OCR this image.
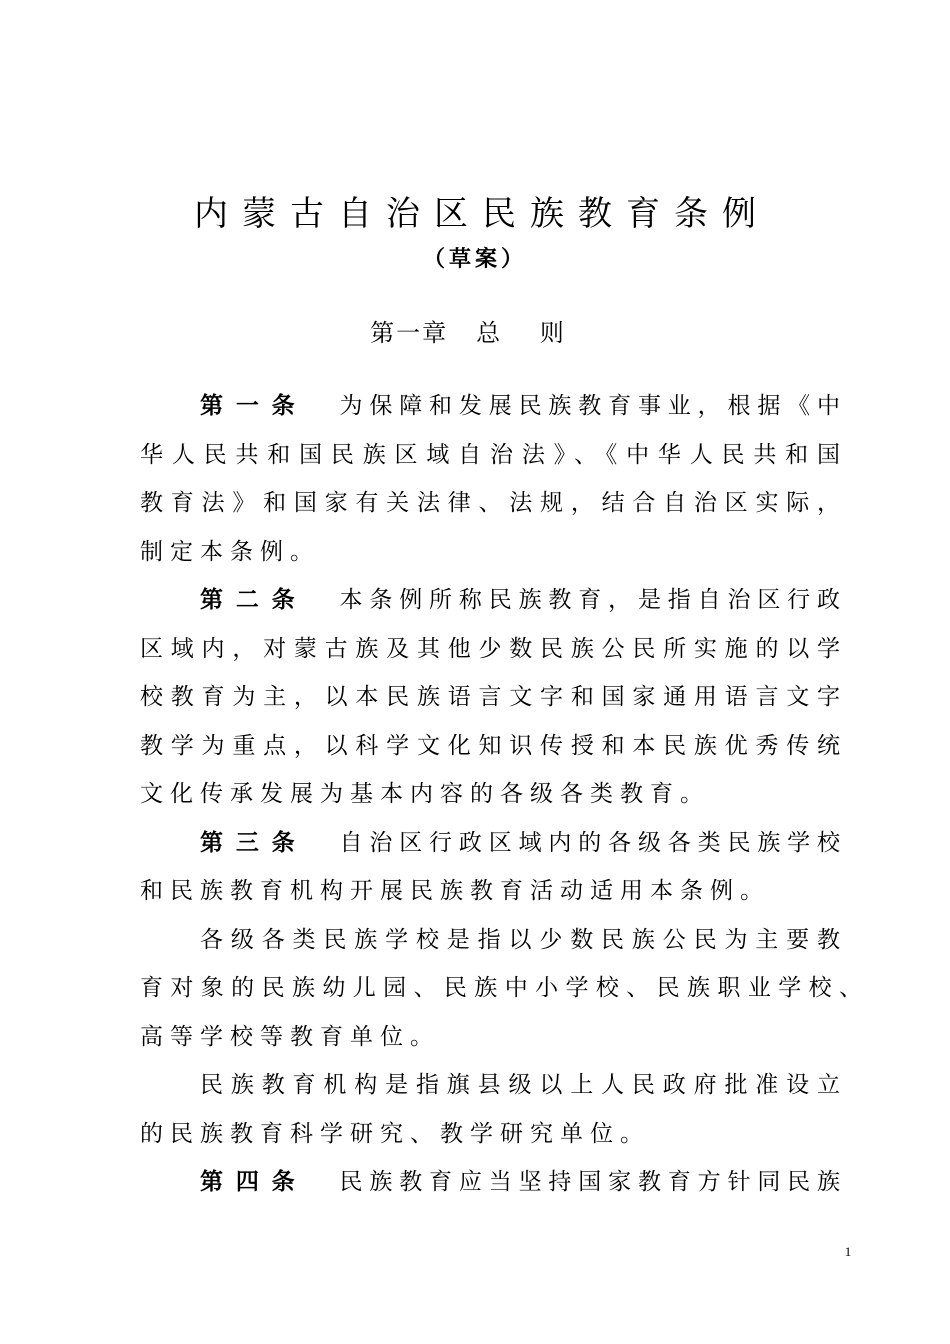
内蒙古自治区民族教育条例
（草案）
第一章 总 则
第一条 为保障和发展民族教育事业，根据《中
华人民共和国民族区域自治法》、《中华人民共和国
教育法》和国家有关法律、法规，结合自治区实际，
制定本条例。
第二条 本条例所称民族教育，是指自治区行政
区域内，对蒙古族及其他少数民族公民所实施的以学
校教育为主，以本民族语言文字和国家通用语言文字
教学为重点，以科学文化知识传授和本民族优秀传统
文化传承发展为基本内容的各级各类教育。
第三条 自治区行政区域内的各级各类民族学校
和民族教育机构开展民族教育活动适用本条例。
各级各类民族学校是指以少数民族公民为主要教
育对象的民族幼儿园、民族中小学校、民族职业学校、
高等学校等教育单位。
民族教育机构是指旗县级以上人民政府批准设立
的民族教育科学研究、教学研究单位。
第四条 民族教育应当坚持国家教育方针同民族
1
